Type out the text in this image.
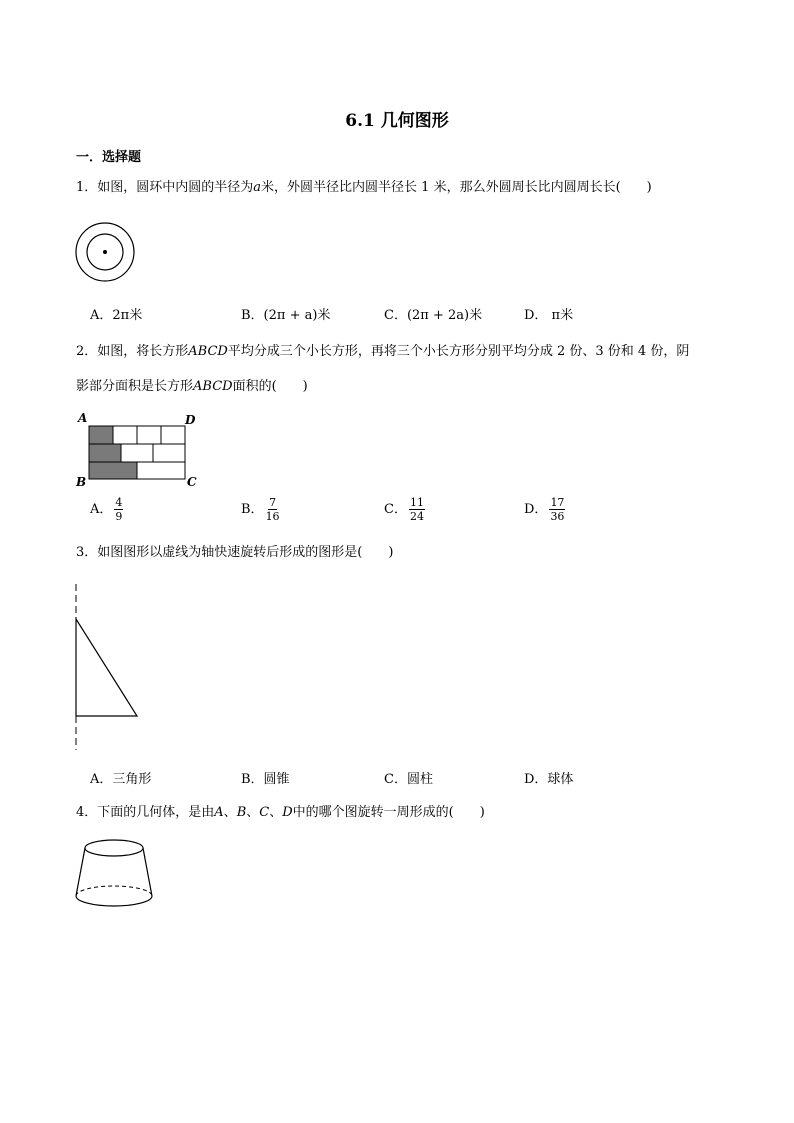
6.1 几何图形
一．选择题
1．如图，圆环中内圆的半径为a米，外圆半径比内圆半径长 1 米，那么外圆周长比内圆周长长(　　)
A．2π米	B．(2π + a)米	C．(2π + 2a)米	D． π米
2．如图，将长方形ABCD平均分成三个小长方形，再将三个小长方形分别平均分成 2 份、3 份和 4 份，阴
影部分面积是长方形ABCD面积的(　　)
A	D
B	C
A． $\frac{4}{9}$	B． $\frac{7}{16}$	C． $\frac{11}{24}$	D． $\frac{17}{36}$
3．如图图形以虚线为轴快速旋转后形成的图形是(　　)
A．三角形	B．圆锥	C．圆柱	D．球体
4．下面的几何体，是由A、B、C、D中的哪个图旋转一周形成的(　　)
